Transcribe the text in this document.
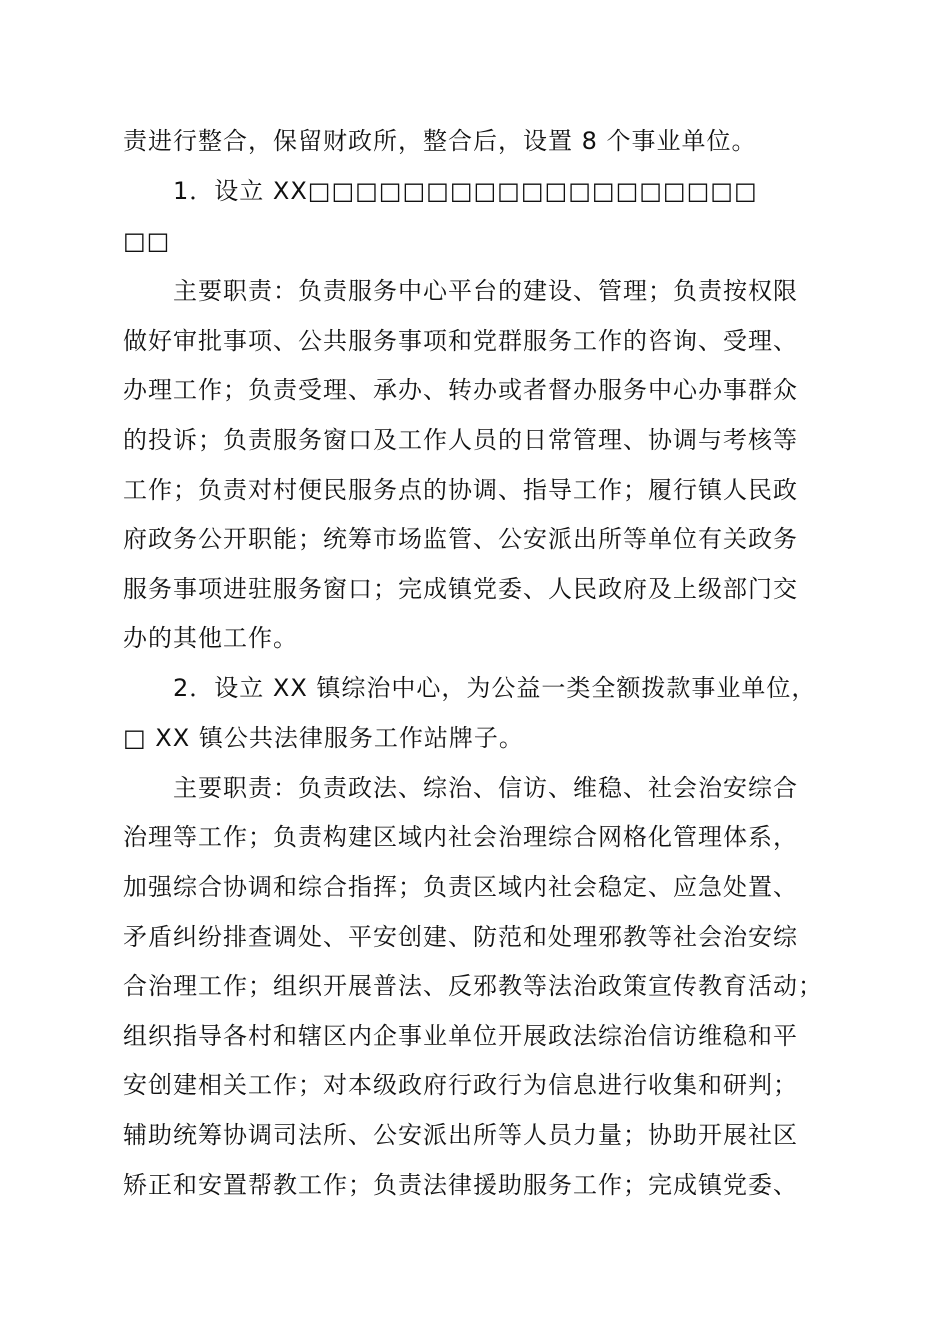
责进行整合，保留财政所，整合后，设置 8 个事业单位。
1．设立 XX□□□□□□□□□□□□□□□□□□□
□□
主要职责：负责服务中心平台的建设、管理；负责按权限
做好审批事项、公共服务事项和党群服务工作的咨询、受理、
办理工作；负责受理、承办、转办或者督办服务中心办事群众
的投诉；负责服务窗口及工作人员的日常管理、协调与考核等
工作；负责对村便民服务点的协调、指导工作；履行镇人民政
府政务公开职能；统筹市场监管、公安派出所等单位有关政务
服务事项进驻服务窗口；完成镇党委、人民政府及上级部门交
办的其他工作。
2．设立 XX 镇综治中心，为公益一类全额拨款事业单位，
□ XX 镇公共法律服务工作站牌子。
主要职责：负责政法、综治、信访、维稳、社会治安综合
治理等工作；负责构建区域内社会治理综合网格化管理体系，
加强综合协调和综合指挥；负责区域内社会稳定、应急处置、
矛盾纠纷排查调处、平安创建、防范和处理邪教等社会治安综
合治理工作；组织开展普法、反邪教等法治政策宣传教育活动；
组织指导各村和辖区内企事业单位开展政法综治信访维稳和平
安创建相关工作；对本级政府行政行为信息进行收集和研判；
辅助统筹协调司法所、公安派出所等人员力量；协助开展社区
矫正和安置帮教工作；负责法律援助服务工作；完成镇党委、
